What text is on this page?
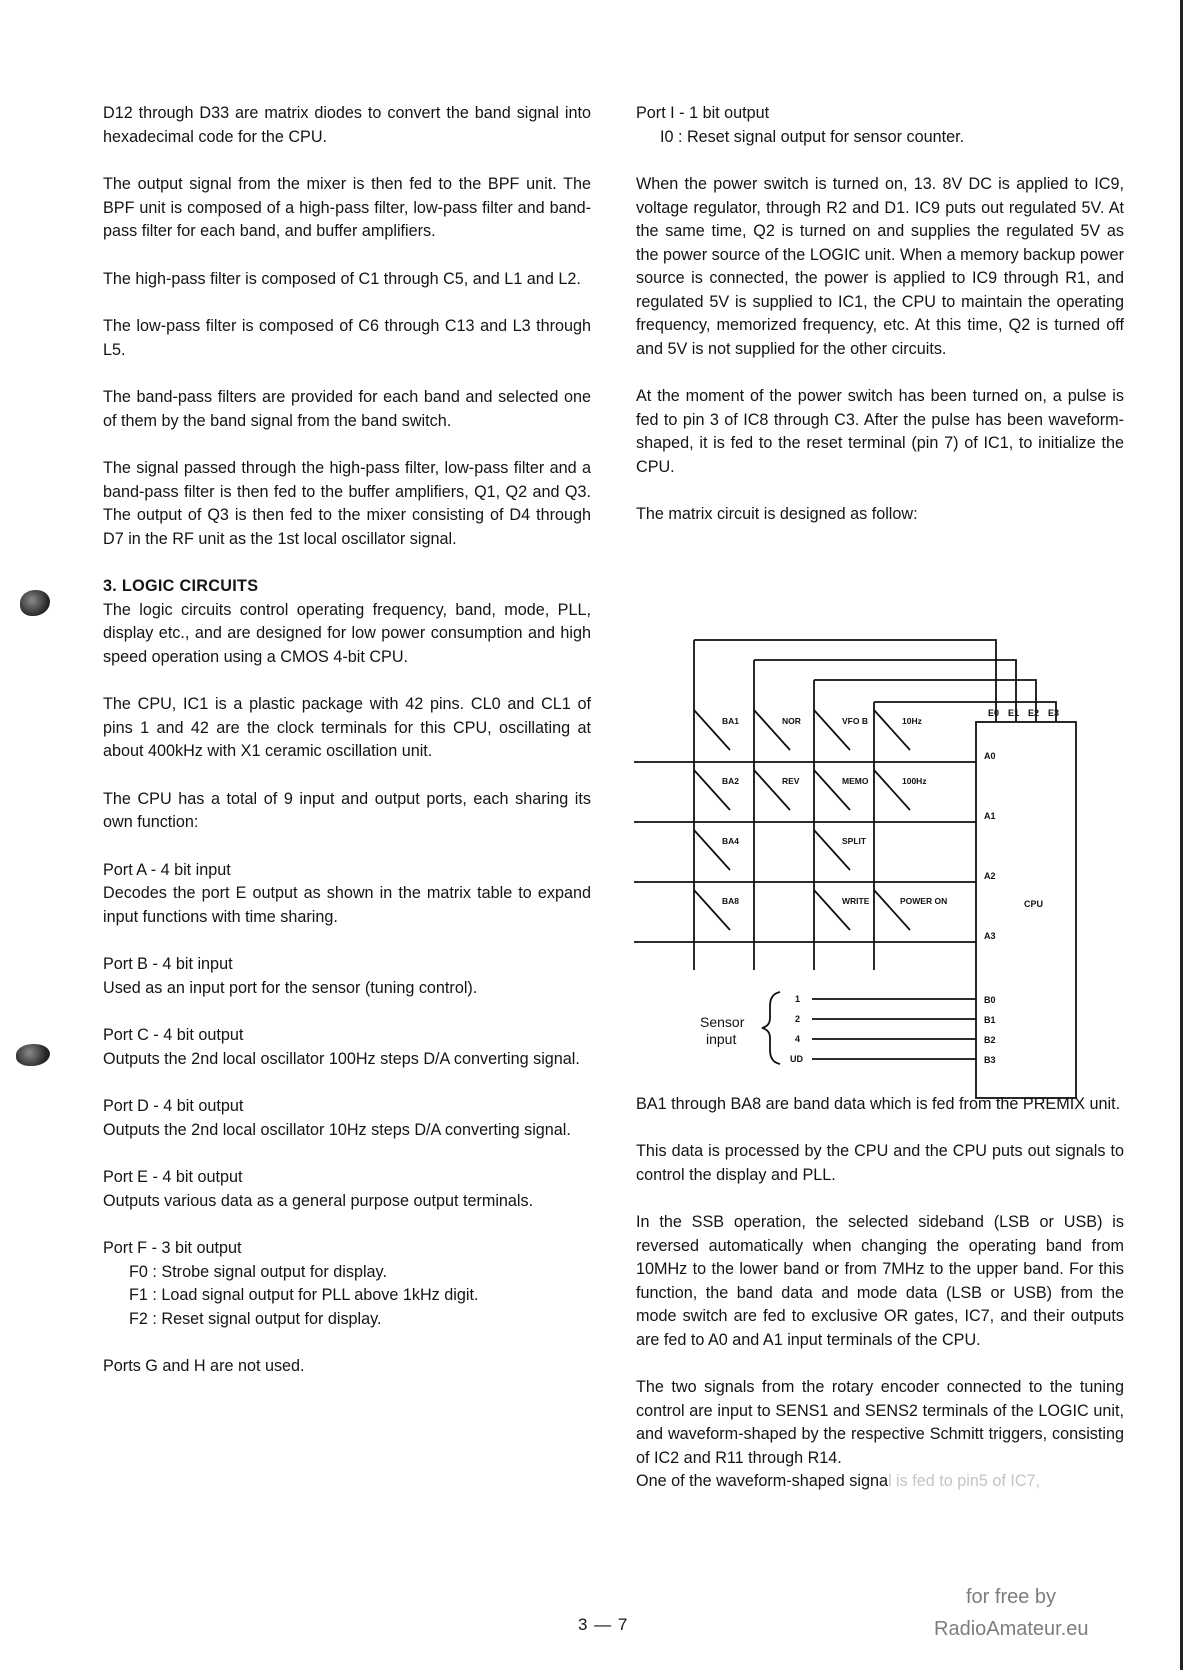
D12 through D33 are matrix diodes to convert the band signal into hexadecimal code for the CPU.

The output signal from the mixer is then fed to the BPF unit. The BPF unit is composed of a high-pass filter, low-pass filter and band-pass filter for each band, and buffer amplifiers.

The high-pass filter is composed of C1 through C5, and L1 and L2.

The low-pass filter is composed of C6 through C13 and L3 through L5.

The band-pass filters are provided for each band and selected one of them by the band signal from the band switch.

The signal passed through the high-pass filter, low-pass filter and a band-pass filter is then fed to the buffer amplifiers, Q1, Q2 and Q3. The output of Q3 is then fed to the mixer consisting of D4 through D7 in the RF unit as the 1st local oscillator signal.

3. LOGIC CIRCUITS

The logic circuits control operating frequency, band, mode, PLL, display etc., and are designed for low power consumption and high speed operation using a CMOS 4-bit CPU.

The CPU, IC1 is a plastic package with 42 pins. CL0 and CL1 of pins 1 and 42 are the clock terminals for this CPU, oscillating at about 400kHz with X1 ceramic oscillation unit.

The CPU has a total of 9 input and output ports, each sharing its own function:

Port A - 4 bit input

Decodes the port E output as shown in the matrix table to expand input functions with time sharing.

Port B - 4 bit input

Used as an input port for the sensor (tuning control).

Port C - 4 bit output

Outputs the 2nd local oscillator 100Hz steps D/A converting signal.

Port D - 4 bit output

Outputs the 2nd local oscillator 10Hz steps D/A converting signal.

Port E - 4 bit output

Outputs various data as a general purpose output terminals.

Port F - 3 bit output

F0 : Strobe signal output for display.

F1 : Load signal output for PLL above 1kHz digit.

F2 : Reset signal output for display.

Ports G and H are not used.

Port I - 1 bit output

I0 : Reset signal output for sensor counter.

When the power switch is turned on, 13. 8V DC is applied to IC9, voltage regulator, through R2 and D1. IC9 puts out regulated 5V. At the same time, Q2 is turned on and supplies the regulated 5V as the power source of the LOGIC unit. When a memory backup power source is connected, the power is applied to IC9 through R1, and regulated 5V is supplied to IC1, the CPU to maintain the operating frequency, memorized frequency, etc. At this time, Q2 is turned off and 5V is not supplied for the other circuits.

At the moment of the power switch has been turned on, a pulse is fed to pin 3 of IC8 through C3. After the pulse has been waveform-shaped, it is fed to the reset terminal (pin 7) of IC1, to initialize the CPU.

The matrix circuit is designed as follow:

BA1 through BA8 are band data which is fed from the PREMIX unit.

This data is processed by the CPU and the CPU puts out signals to control the display and PLL.

In the SSB operation, the selected sideband (LSB or USB) is reversed automatically when changing the operating band from 10MHz to the lower band or from 7MHz to the upper band. For this function, the band data and mode data (LSB or USB) from the mode switch are fed to exclusive OR gates, IC7, and their outputs are fed to A0 and A1 input terminals of the CPU.

The two signals from the rotary encoder connected to the tuning control are input to SENS1 and SENS2 terminals of the LOGIC unit, and waveform-shaped by the respective Schmitt triggers, consisting of IC2 and R11 through R14.

One of the waveform-shaped signal is fed to pin5 of IC7,

BA1	NOR	VFO B	10Hz
BA2	REV	MEMO	100Hz
BA4	SPLIT
BA8	WRITE	POWER ON
E0 E1 E2 E3
A0
A1
A2
A3
B0
B1
B2
B3
CPU
1
2
4
UD
Sensor
input
3 — 7
for free by
RadioAmateur.eu
